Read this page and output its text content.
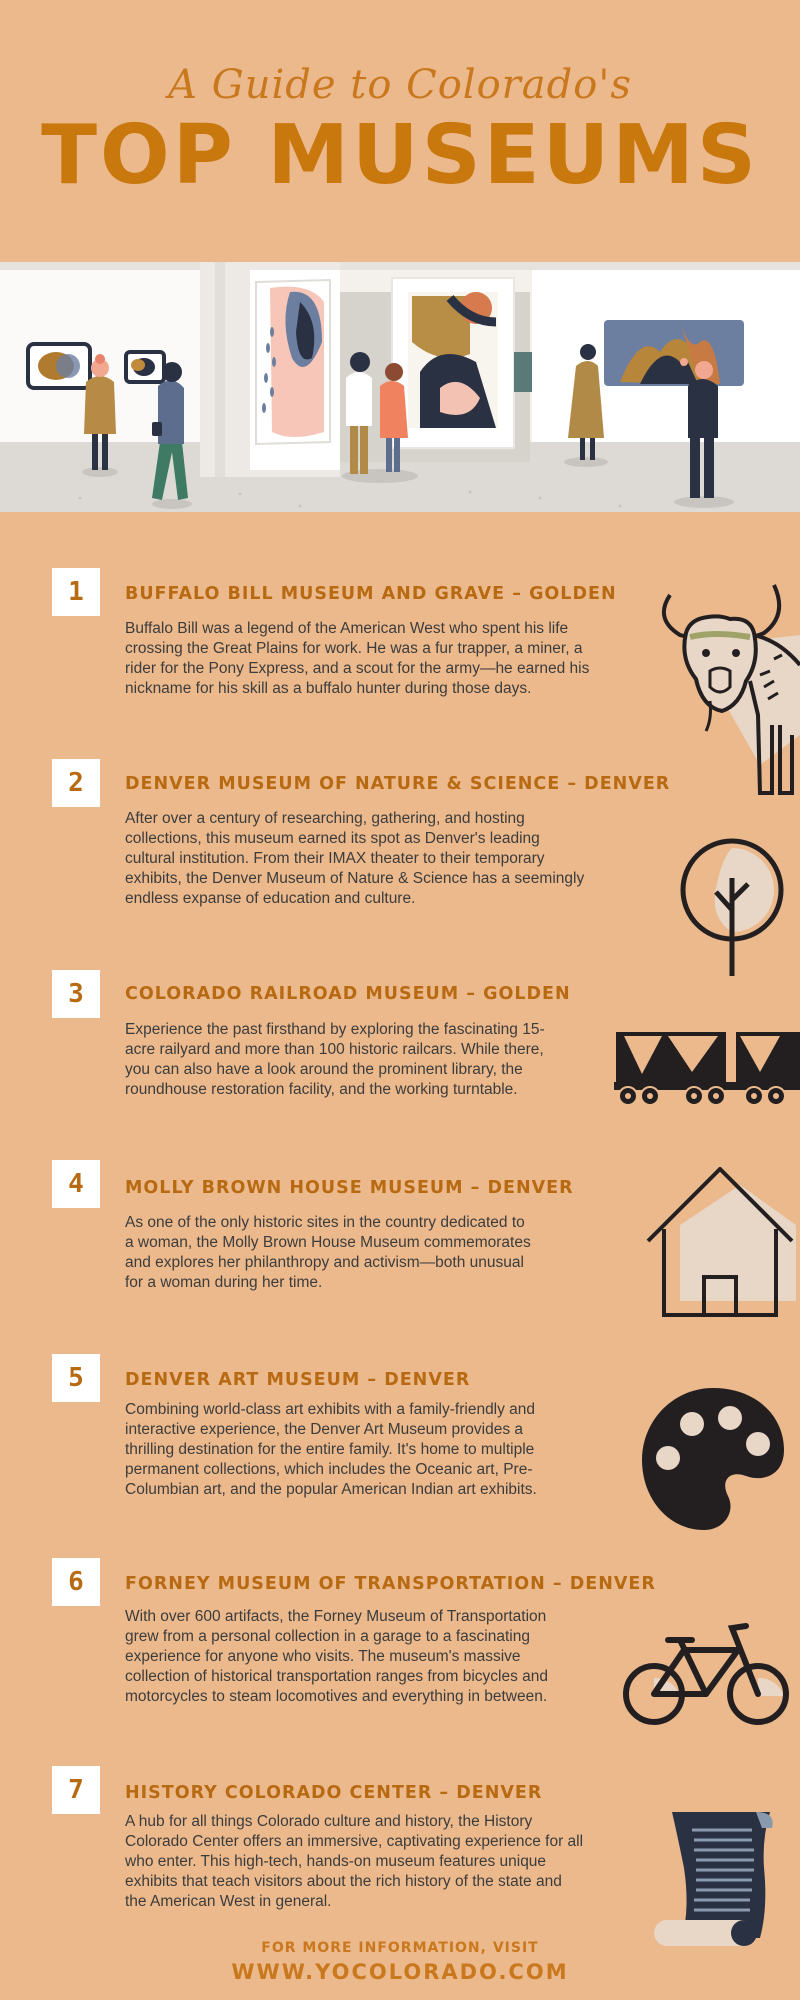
A Guide to Colorado's
TOP MUSEUMS
1	BUFFALO BILL MUSEUM AND GRAVE – GOLDEN
Buffalo Bill was a legend of the American West who spent his life
crossing the Great Plains for work. He was a fur trapper, a miner, a
rider for the Pony Express, and a scout for the army—he earned his
nickname for his skill as a buffalo hunter during those days.
2	DENVER MUSEUM OF NATURE & SCIENCE – DENVER
After over a century of researching, gathering, and hosting
collections, this museum earned its spot as Denver's leading
cultural institution. From their IMAX theater to their temporary
exhibits, the Denver Museum of Nature & Science has a seemingly
endless expanse of education and culture.
3	COLORADO RAILROAD MUSEUM – GOLDEN
Experience the past firsthand by exploring the fascinating 15-
acre railyard and more than 100 historic railcars. While there,
you can also have a look around the prominent library, the
roundhouse restoration facility, and the working turntable.
4	MOLLY BROWN HOUSE MUSEUM – DENVER
As one of the only historic sites in the country dedicated to
a woman, the Molly Brown House Museum commemorates
and explores her philanthropy and activism—both unusual
for a woman during her time.
5	DENVER ART MUSEUM – DENVER
Combining world-class art exhibits with a family-friendly and
interactive experience, the Denver Art Museum provides a
thrilling destination for the entire family. It's home to multiple
permanent collections, which includes the Oceanic art, Pre-
Columbian art, and the popular American Indian art exhibits.
6	FORNEY MUSEUM OF TRANSPORTATION – DENVER
With over 600 artifacts, the Forney Museum of Transportation
grew from a personal collection in a garage to a fascinating
experience for anyone who visits. The museum's massive
collection of historical transportation ranges from bicycles and
motorcycles to steam locomotives and everything in between.
7	HISTORY COLORADO CENTER – DENVER
A hub for all things Colorado culture and history, the History
Colorado Center offers an immersive, captivating experience for all
who enter. This high-tech, hands-on museum features unique
exhibits that teach visitors about the rich history of the state and
the American West in general.
FOR MORE INFORMATION, VISIT
WWW.YOCOLORADO.COM
